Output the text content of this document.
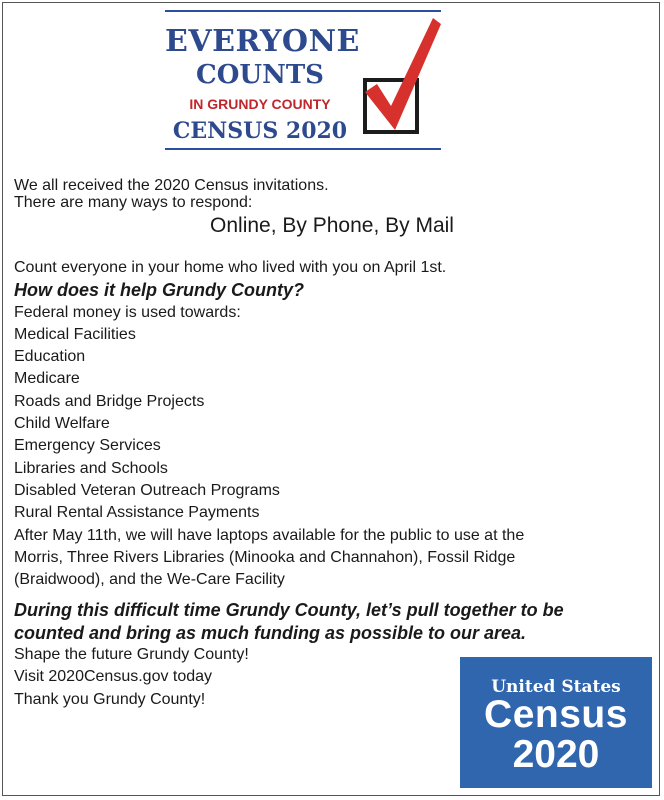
EVERYONE
COUNTS
IN GRUNDY COUNTY
CENSUS 2020
We all received the 2020 Census invitations.
There are many ways to respond:
Online, By Phone, By Mail
Count everyone in your home who lived with you on April 1st.
How does it help Grundy County?
Federal money is used towards:
Medical Facilities
Education
Medicare
Roads and Bridge Projects
Child Welfare
Emergency Services
Libraries and Schools
Disabled Veteran Outreach Programs
Rural Rental Assistance Payments
After May 11th, we will have laptops available for the public to use at the
Morris, Three Rivers Libraries (Minooka and Channahon), Fossil Ridge
(Braidwood), and the We-Care Facility
During this difficult time Grundy County, let’s pull together to be
counted and bring as much funding as possible to our area.
Shape the future Grundy County!
Visit 2020Census.gov today
Thank you Grundy County!
United States
Census
2020
